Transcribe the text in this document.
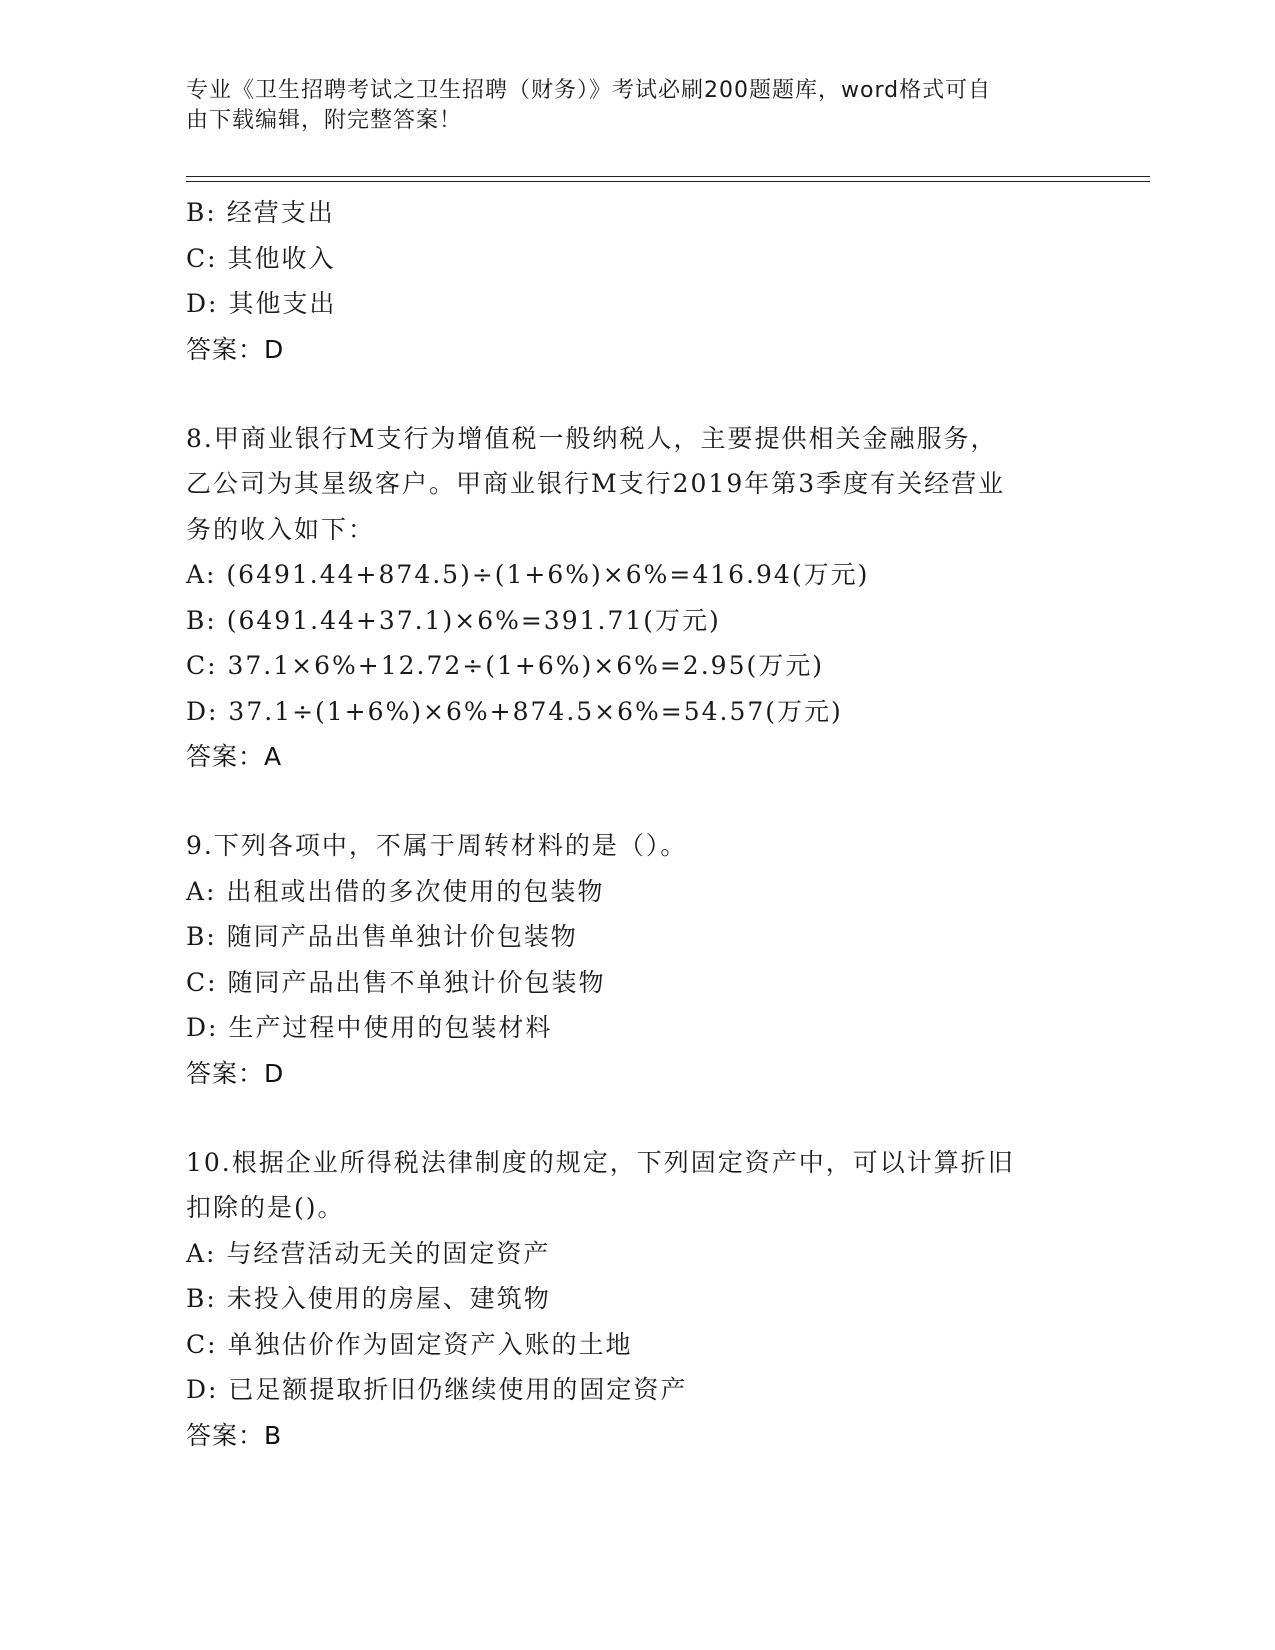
专业《卫生招聘考试之卫生招聘（财务）》考试必刷200题题库，word格式可自
由下载编辑，附完整答案！
B: 经营支出
C: 其他收入
D: 其他支出
答案：D
8.甲商业银行M支行为增值税一般纳税人，主要提供相关金融服务，
乙公司为其星级客户。甲商业银行M支行2019年第3季度有关经营业
务的收入如下：
A: (6491.44+874.5)÷(1+6%)×6%=416.94(万元)
B: (6491.44+37.1)×6%=391.71(万元)
C: 37.1×6%+12.72÷(1+6%)×6%=2.95(万元)
D: 37.1÷(1+6%)×6%+874.5×6%=54.57(万元)
答案：A
9.下列各项中，不属于周转材料的是（）。
A: 出租或出借的多次使用的包装物
B: 随同产品出售单独计价包装物
C: 随同产品出售不单独计价包装物
D: 生产过程中使用的包装材料
答案：D
10.根据企业所得税法律制度的规定，下列固定资产中，可以计算折旧
扣除的是()。
A: 与经营活动无关的固定资产
B: 未投入使用的房屋、建筑物
C: 单独估价作为固定资产入账的土地
D: 已足额提取折旧仍继续使用的固定资产
答案：B
